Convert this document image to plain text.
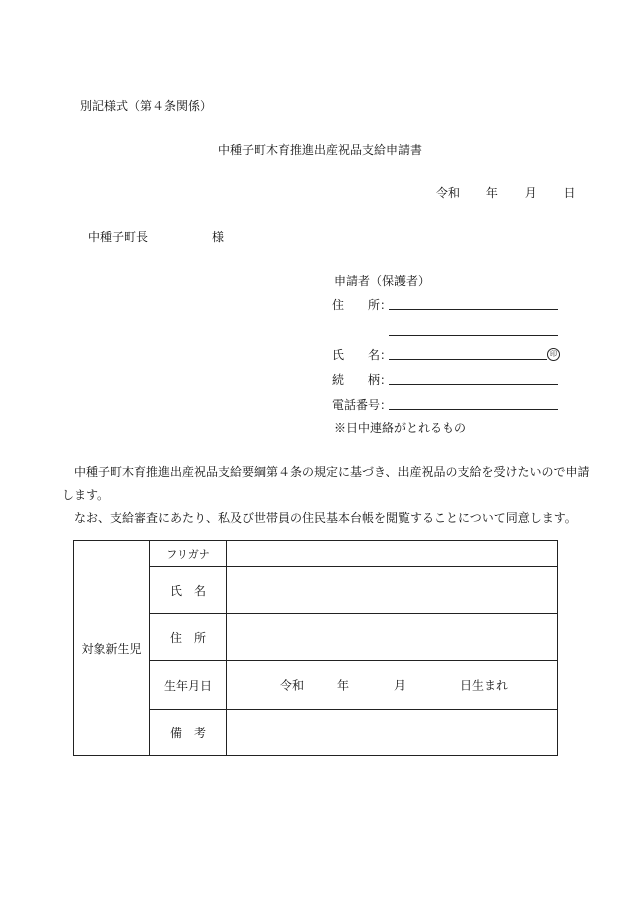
別記様式（第４条関係）
中種子町木育推進出産祝品支給申請書
令和 年 月 日
中種子町長	様
申請者（保護者）
住　　所：
氏　　名：	印
続　　柄：
電話番号：
※日中連絡がとれるもの
中種子町木育推進出産祝品支給要綱第４条の規定に基づき、出産祝品の支給を受けたいので申請
します。
なお、支給審査にあたり、私及び世帯員の住民基本台帳を閲覧することについて同意します。
対象新生児	フリガナ	
	氏名	
	住所	
	生年月日	令和 年 月 日生まれ

	備考	
